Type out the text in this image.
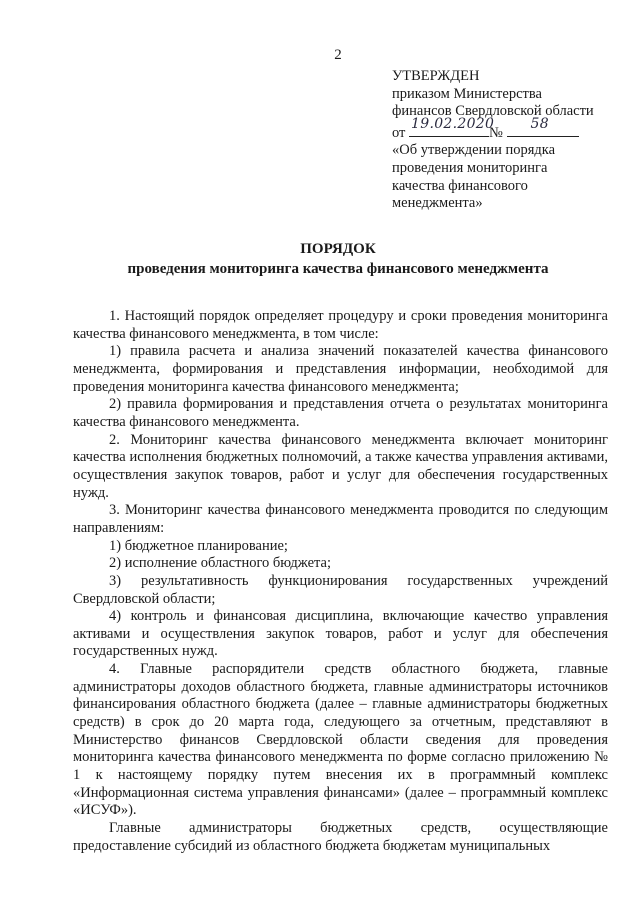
2
УТВЕРЖДЕН
приказом Министерства
финансов Свердловской области
от
19.02.2020
№
58
«Об утверждении порядка
проведения мониторинга
качества финансового
менеджмента»
ПОРЯДОК
проведения мониторинга качества финансового менеджмента

1. Настоящий порядок определяет процедуру и сроки проведения мониторинга качества финансового менеджмента, в том числе:

1) правила расчета и анализа значений показателей качества финансового менеджмента, формирования и представления информации, необходимой для проведения мониторинга качества финансового менеджмента;

2) правила формирования и представления отчета о результатах мониторинга качества финансового менеджмента.

2. Мониторинг качества финансового менеджмента включает мониторинг качества исполнения бюджетных полномочий, а также качества управления активами, осуществления закупок товаров, работ и услуг для обеспечения государственных нужд.

3. Мониторинг качества финансового менеджмента проводится по следующим направлениям:

1) бюджетное планирование;

2) исполнение областного бюджета;

3) результативность функционирования государственных учреждений Свердловской области;

4) контроль и финансовая дисциплина, включающие качество управления активами и осуществления закупок товаров, работ и услуг для обеспечения государственных нужд.

4. Главные распорядители средств областного бюджета, главные администраторы доходов областного бюджета, главные администраторы источников финансирования областного бюджета (далее – главные администраторы бюджетных средств) в срок до 20 марта года, следующего за отчетным, представляют в Министерство финансов Свердловской области сведения для проведения мониторинга качества финансового менеджмента по форме согласно приложению № 1 к настоящему порядку путем внесения их в программный комплекс «Информационная система управления финансами» (далее – программный комплекс «ИСУФ»).

Главные администраторы бюджетных средств, осуществляющие предоставление субсидий из областного бюджета бюджетам муниципальных
